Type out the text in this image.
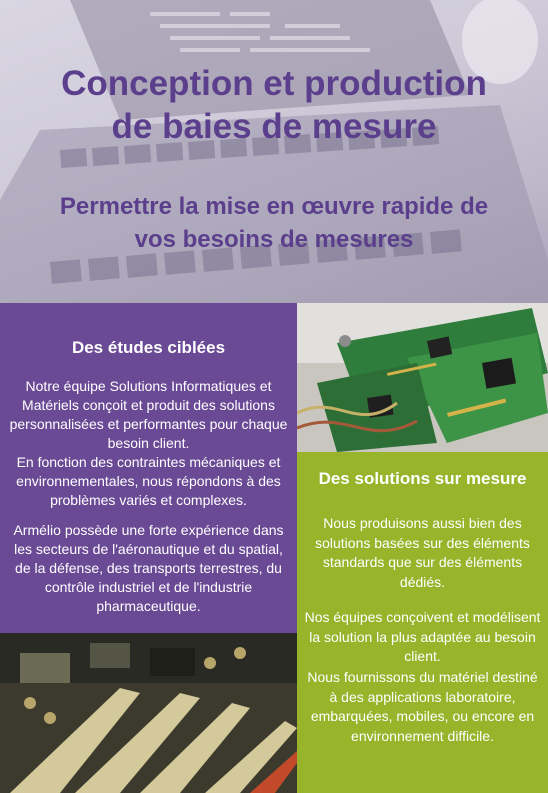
Conception et production
de baies de mesure
Permettre la mise en œuvre rapide de
vos besoins de mesures
Des études ciblées

Notre équipe Solutions Informatiques et Matériels conçoit et produit des solutions personnalisées et performantes pour chaque besoin client.

En fonction des contraintes mécaniques et environnementales, nous répondons à des problèmes variés et complexes.

Armélio possède une forte expérience dans les secteurs de l'aéronautique et du spatial, de la défense, des transports terrestres, du contrôle industriel et de l'industrie pharmaceutique.

Des solutions sur mesure

Nous produisons aussi bien des solutions basées sur des éléments standards que sur des éléments dédiés.

Nos équipes conçoivent et modélisent la solution la plus adaptée au besoin client.

Nous fournissons du matériel destiné à des applications laboratoire, embarquées, mobiles, ou encore en environnement difficile.
